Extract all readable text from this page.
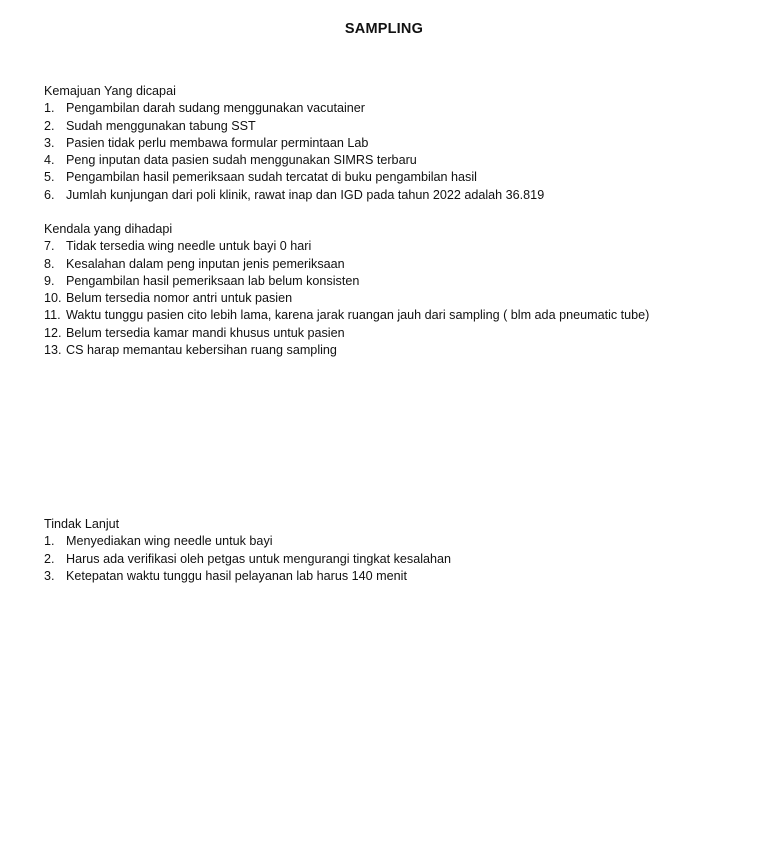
SAMPLING
Kemajuan Yang dicapai
1. Pengambilan darah sudang menggunakan vacutainer
2. Sudah menggunakan tabung SST
3. Pasien tidak perlu membawa formular permintaan Lab
4. Peng inputan data pasien sudah menggunakan SIMRS terbaru
5. Pengambilan hasil pemeriksaan sudah tercatat di buku pengambilan hasil
6. Jumlah kunjungan dari poli klinik, rawat inap dan IGD pada tahun 2022 adalah 36.819
Kendala yang dihadapi
7. Tidak tersedia wing needle untuk bayi 0 hari
8. Kesalahan dalam peng inputan jenis pemeriksaan
9. Pengambilan hasil pemeriksaan lab belum konsisten
10. Belum tersedia nomor antri untuk pasien
11. Waktu tunggu pasien cito lebih lama, karena jarak ruangan jauh dari sampling ( blm ada pneumatic tube)
12. Belum tersedia kamar mandi khusus untuk pasien
13. CS harap memantau kebersihan ruang sampling
Tindak Lanjut
1. Menyediakan wing needle untuk bayi
2. Harus ada verifikasi oleh petgas untuk mengurangi tingkat kesalahan
3. Ketepatan waktu tunggu hasil pelayanan lab harus 140 menit
